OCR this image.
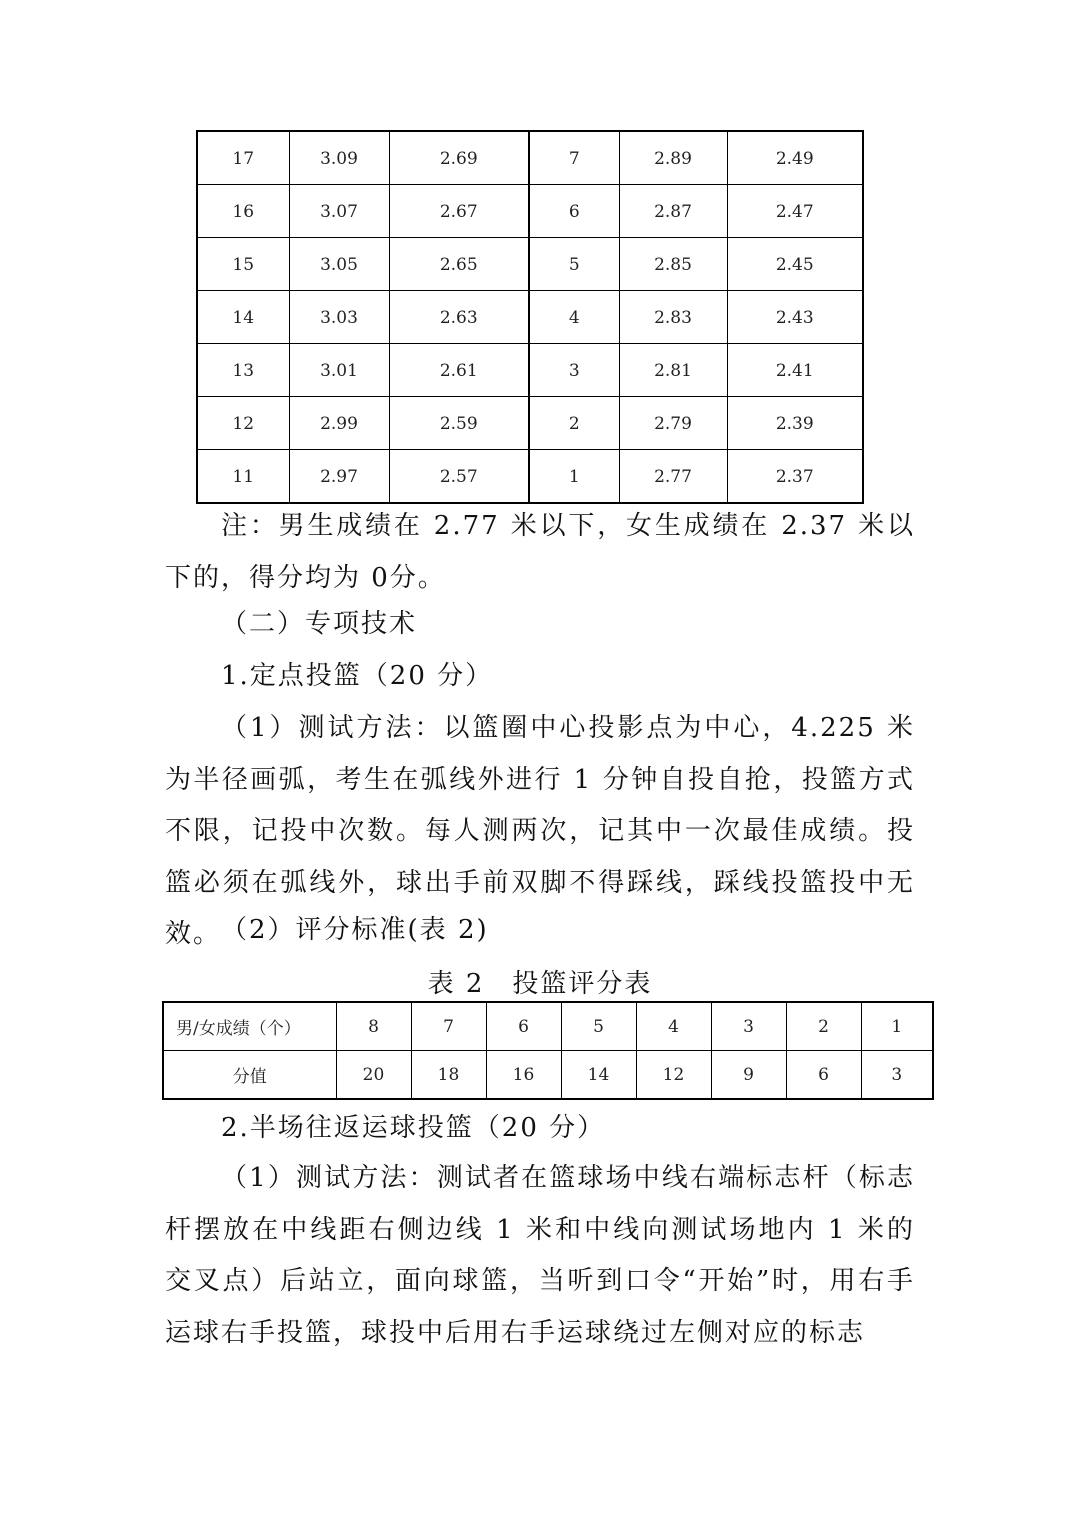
17	3.09	2.69	7	2.89	2.49
16	3.07	2.67	6	2.87	2.47
15	3.05	2.65	5	2.85	2.45
14	3.03	2.63	4	2.83	2.43
13	3.01	2.61	3	2.81	2.41
12	2.99	2.59	2	2.79	2.39
11	2.97	2.57	1	2.77	2.37

注：男生成绩在 2.77 米以下，女生成绩在 2.37 米以下的，得分均为 0分。

（二）专项技术

1.定点投篮（20 分）

（1）测试方法：以篮圈中心投影点为中心，4.225 米为半径画弧，考生在弧线外进行 1 分钟自投自抢，投篮方式不限，记投中次数。每人测两次，记其中一次最佳成绩。投篮必须在弧线外，球出手前双脚不得踩线，踩线投篮投中无效。 （2）评分标准(表 2)

表 2　投篮评分表

男/女成绩（个）	8	7	6	5	4	3	2	1
分值	20	18	16	14	12	9	6	3

2.半场往返运球投篮（20 分）

（1）测试方法：测试者在篮球场中线右端标志杆（标志杆摆放在中线距右侧边线 1 米和中线向测试场地内 1 米的交叉点）后站立，面向球篮，当听到口令“开始”时，用右手运球右手投篮，球投中后用右手运球绕过左侧对应的标志
